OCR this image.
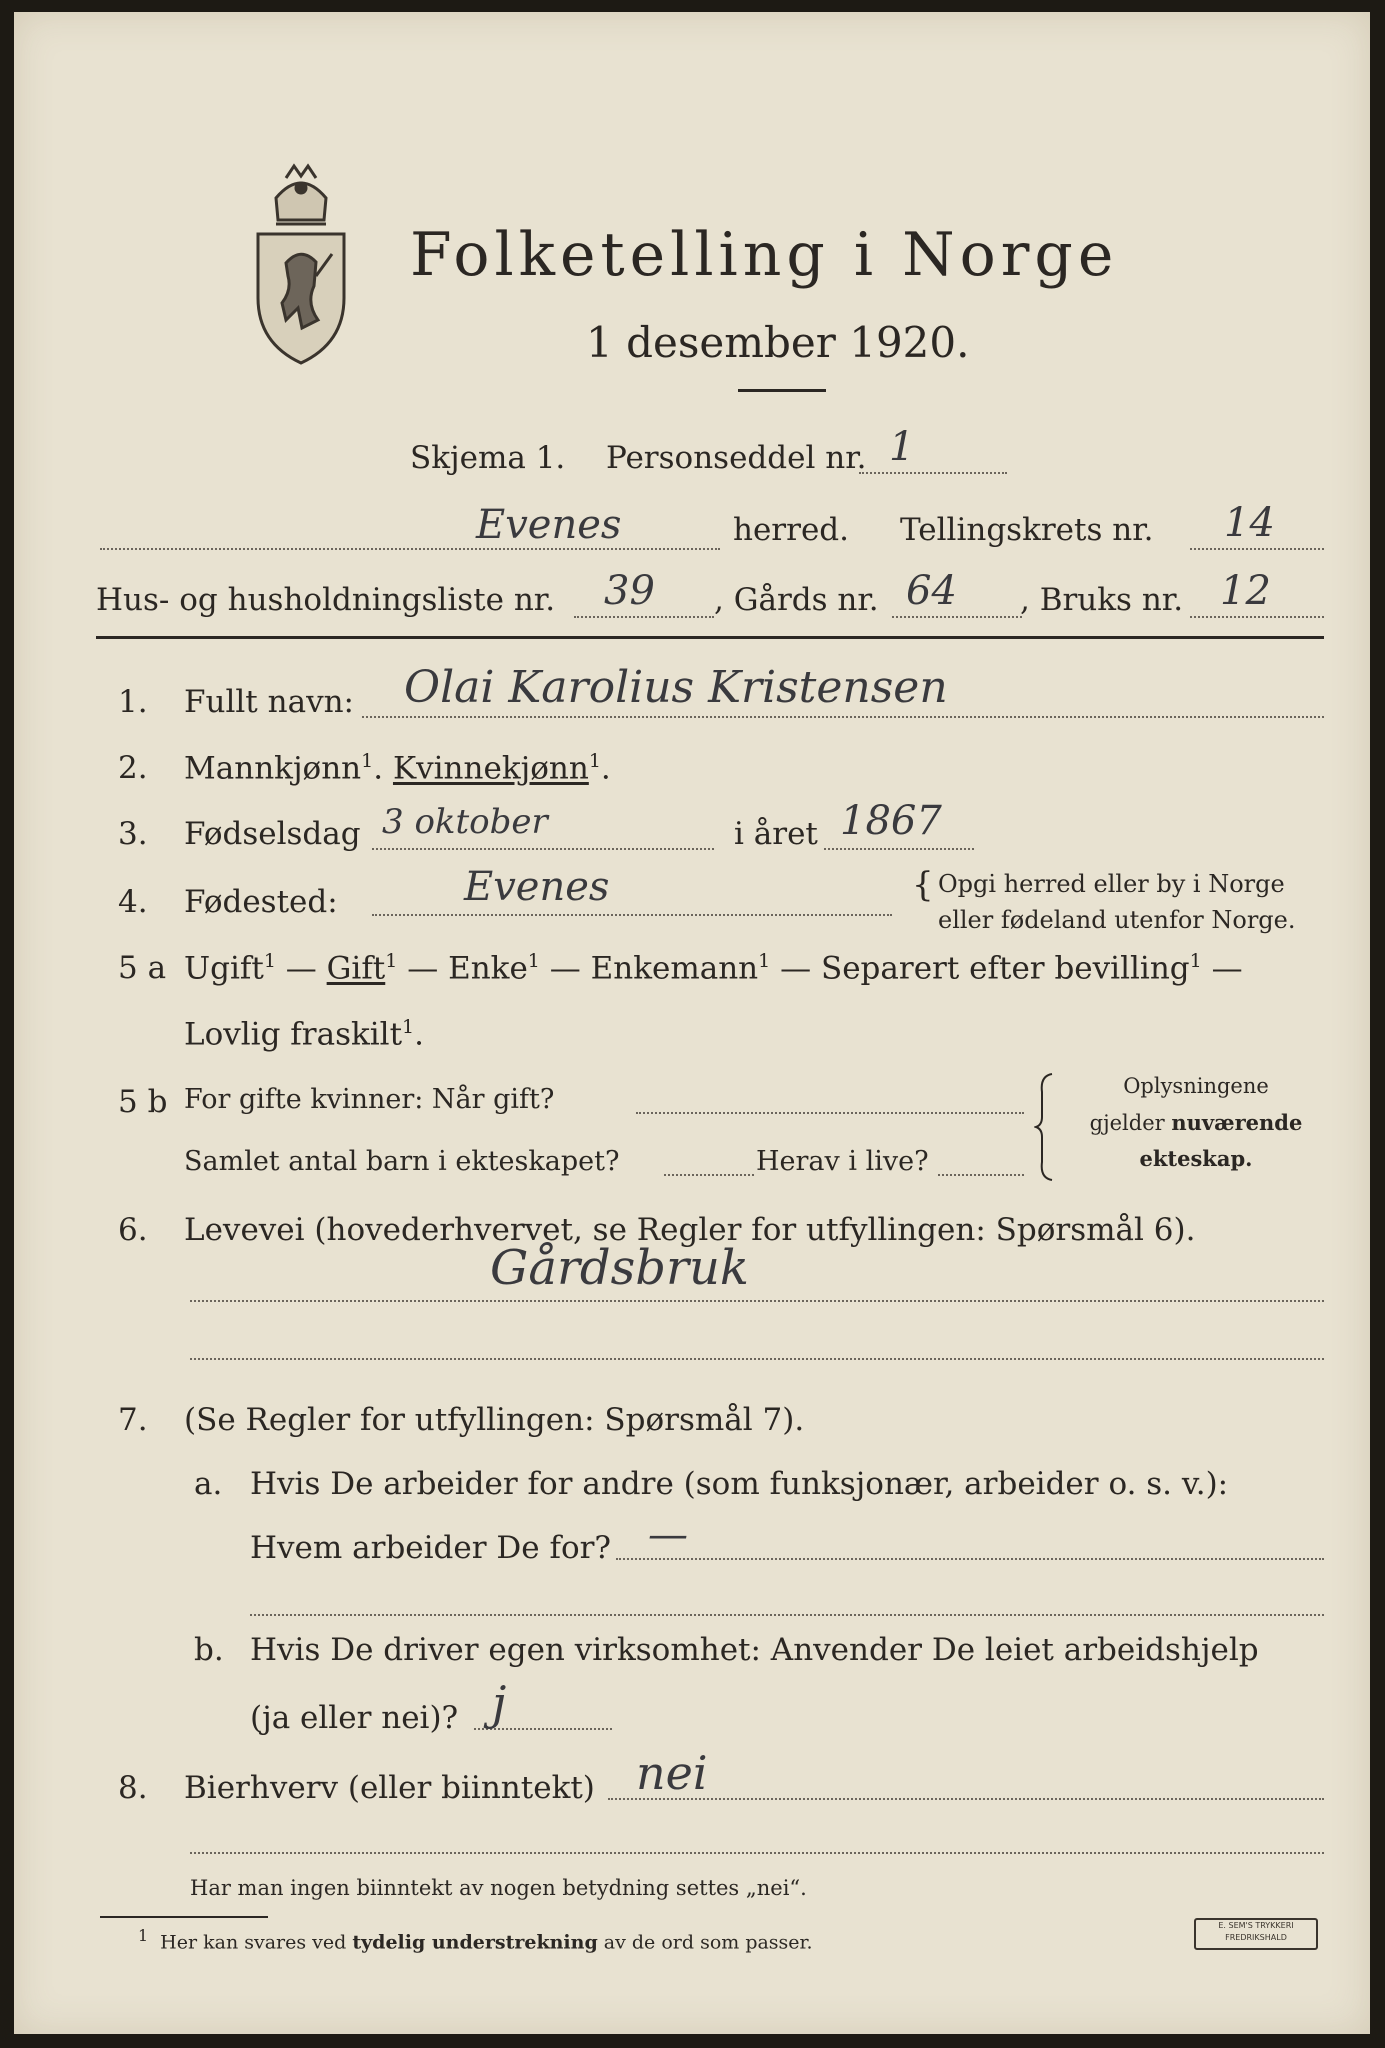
Folketelling i Norge
1 desember 1920.
Skjema 1. Personseddel nr. 1
Evenes	herred. Tellingskrets nr. 14
Hus- og husholdningsliste nr. 39 , Gårds nr. 64 , Bruks nr. 12
1. Fullt navn: Olai Karolius Kristensen
2. Mannkjønn$^1$. Kvinnekjønn$^1$.
3. Fødselsdag 3 oktober	i året 1867
4. Fødested:	Evenes	{ Opgi herred eller by i Norge
eller fødeland utenfor Norge.
5 a Ugift$^1$ — Gift$^1$ — Enke$^1$ — Enkemann$^1$ — Separert efter bevilling$^1$ —
Lovlig fraskilt$^1$.
5 b For gifte kvinner: Når gift?
Samlet antal barn i ekteskapet?	Herav i live?
Oplysningene
gjelder nuværende
ekteskap.
6. Levevei (hovederhvervet, se Regler for utfyllingen: Spørsmål 6).
Gårdsbruk
7. (Se Regler for utfyllingen: Spørsmål 7).
a. Hvis De arbeider for andre (som funksjonær, arbeider o. s. v.):
Hvem arbeider De for? —
b. Hvis De driver egen virksomhet: Anvender De leiet arbeidshjelp
(ja eller nei)? j
8. Bierhverv (eller biinntekt) nei
Har man ingen biinntekt av nogen betydning settes „nei“.
$^1$ Her kan svares ved tydelig understrekning av de ord som passer.
E. SEM'S TRYKKERI
FREDRIKSHALD
